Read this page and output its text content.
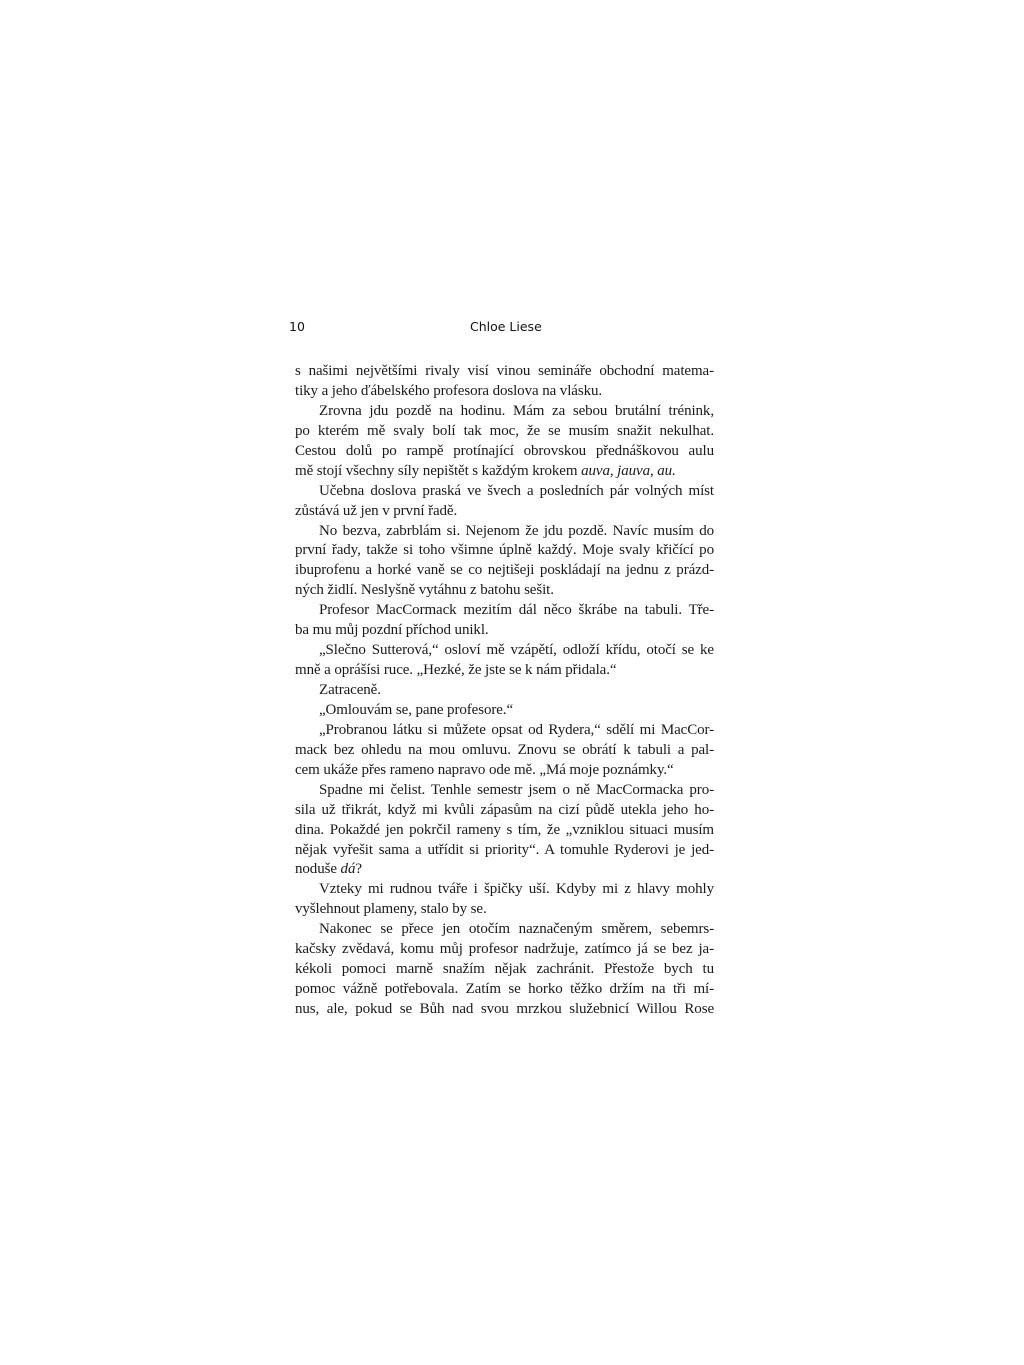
10	Chloe Liese
s našimi největšími rivaly visí vinou semináře obchodní matema-
tiky a jeho ďábelského profesora doslova na vlásku.
Zrovna jdu pozdě na hodinu. Mám za sebou brutální trénink,
po kterém mě svaly bolí tak moc, že se musím snažit nekulhat.
Cestou dolů po rampě protínající obrovskou přednáškovou aulu
mě stojí všechny síly nepištět s každým krokem auva, jauva, au.
Učebna doslova praská ve švech a posledních pár volných míst
zůstává už jen v první řadě.
No bezva, zabrblám si. Nejenom že jdu pozdě. Navíc musím do
první řady, takže si toho všimne úplně každý. Moje svaly křičící po
ibuprofenu a horké vaně se co nejtišeji poskládají na jednu z prázd-
ných židlí. Neslyšně vytáhnu z batohu sešit.
Profesor MacCormack mezitím dál něco škrábe na tabuli. Tře-
ba mu můj pozdní příchod unikl.
„Slečno Sutterová,“ osloví mě vzápětí, odloží křídu, otočí se ke
mně a oprášísi ruce. „Hezké, že jste se k nám přidala.“
Zatraceně.
„Omlouvám se, pane profesore.“
„Probranou látku si můžete opsat od Rydera,“ sdělí mi MacCor-
mack bez ohledu na mou omluvu. Znovu se obrátí k tabuli a pal-
cem ukáže přes rameno napravo ode mě. „Má moje poznámky.“
Spadne mi čelist. Tenhle semestr jsem o ně MacCormacka pro-
sila už třikrát, když mi kvůli zápasům na cizí půdě utekla jeho ho-
dina. Pokaždé jen pokrčil rameny s tím, že „vzniklou situaci musím
nějak vyřešit sama a utřídit si priority“. A tomuhle Ryderovi je jed-
noduše dá?
Vzteky mi rudnou tváře i špičky uší. Kdyby mi z hlavy mohly
vyšlehnout plameny, stalo by se.
Nakonec se přece jen otočím naznačeným směrem, sebemrs-
kačsky zvědavá, komu můj profesor nadržuje, zatímco já se bez ja-
kékoli pomoci marně snažím nějak zachránit. Přestože bych tu
pomoc vážně potřebovala. Zatím se horko těžko držím na tři mí-
nus, ale, pokud se Bůh nad svou mrzkou služebnicí Willou Rose
